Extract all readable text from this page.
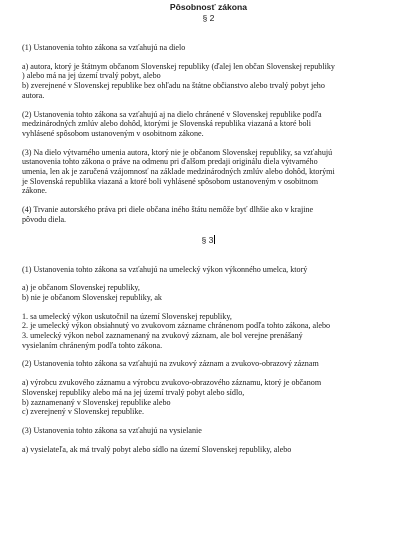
Pôsobnosť zákona
§ 2
(1) Ustanovenia tohto zákona sa vzťahujú na dielo
a) autora, ktorý je štátnym občanom Slovenskej republiky (ďalej len občan Slovenskej republiky
) alebo má na jej území trvalý pobyt, alebo
b) zverejnené v Slovenskej republike bez ohľadu na štátne občianstvo alebo trvalý pobyt jeho
autora.
(2) Ustanovenia tohto zákona sa vzťahujú aj na dielo chránené v Slovenskej republike podľa
medzinárodných zmlúv alebo dohôd, ktorými je Slovenská republika viazaná a ktoré boli
vyhlásené spôsobom ustanoveným v osobitnom zákone.
(3) Na dielo výtvarného umenia autora, ktorý nie je občanom Slovenskej republiky, sa vzťahujú
ustanovenia tohto zákona o práve na odmenu pri ďalšom predaji originálu diela výtvarného
umenia, len ak je zaručená vzájomnosť na základe medzinárodných zmlúv alebo dohôd, ktorými
je Slovenská republika viazaná a ktoré boli vyhlásené spôsobom ustanoveným v osobitnom
zákone.
(4) Trvanie autorského práva pri diele občana iného štátu nemôže byť dlhšie ako v krajine
pôvodu diela.
§ 3
(1) Ustanovenia tohto zákona sa vzťahujú na umelecký výkon výkonného umelca, ktorý
a) je občanom Slovenskej republiky,
b) nie je občanom Slovenskej republiky, ak
1. sa umelecký výkon uskutočnil na území Slovenskej republiky,
2. je umelecký výkon obsiahnutý vo zvukovom zázname chránenom podľa tohto zákona, alebo
3. umelecký výkon nebol zaznamenaný na zvukový záznam, ale bol verejne prenášaný
vysielaním chráneným podľa tohto zákona.
(2) Ustanovenia tohto zákona sa vzťahujú na zvukový záznam a zvukovo-obrazový záznam
a) výrobcu zvukového záznamu a výrobcu zvukovo-obrazového záznamu, ktorý je občanom
Slovenskej republiky alebo má na jej území trvalý pobyt alebo sídlo,
b) zaznamenaný v Slovenskej republike alebo
c) zverejnený v Slovenskej republike.
(3) Ustanovenia tohto zákona sa vzťahujú na vysielanie
a) vysielateľa, ak má trvalý pobyt alebo sídlo na území Slovenskej republiky, alebo
